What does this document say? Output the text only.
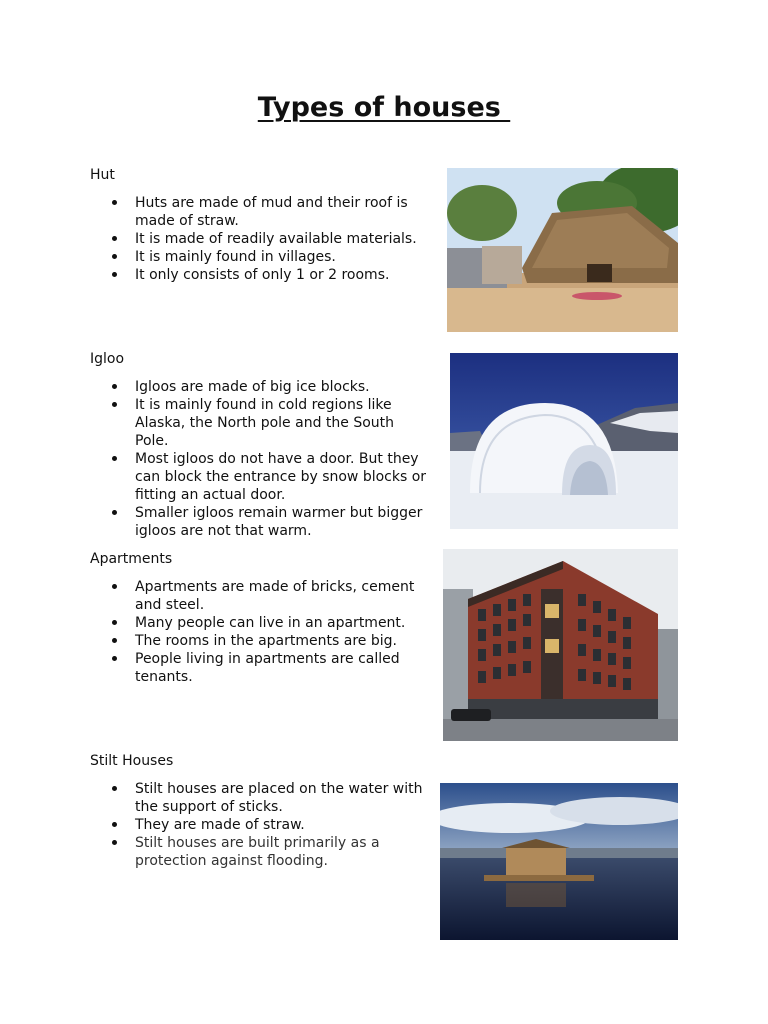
Types of houses
Hut
Huts are made of mud and their roof is made of straw.
It is made of readily available materials.
It is mainly found in villages.
It only consists of only 1 or 2 rooms.
Igloo
Igloos are made of big ice blocks.
It is mainly found in cold regions like Alaska, the North pole and the South Pole.
Most igloos do not have a door. But they can block the entrance by snow blocks or fitting an actual door.
Smaller igloos remain warmer but bigger igloos are not that warm.
Apartments
Apartments are made of bricks, cement and steel.
Many people can live in an apartment.
The rooms in the apartments are big.
People living in apartments are called tenants.
Stilt Houses
Stilt houses are placed on the water with the support of sticks.
They are made of straw.
Stilt houses are built primarily as a protection against flooding.
